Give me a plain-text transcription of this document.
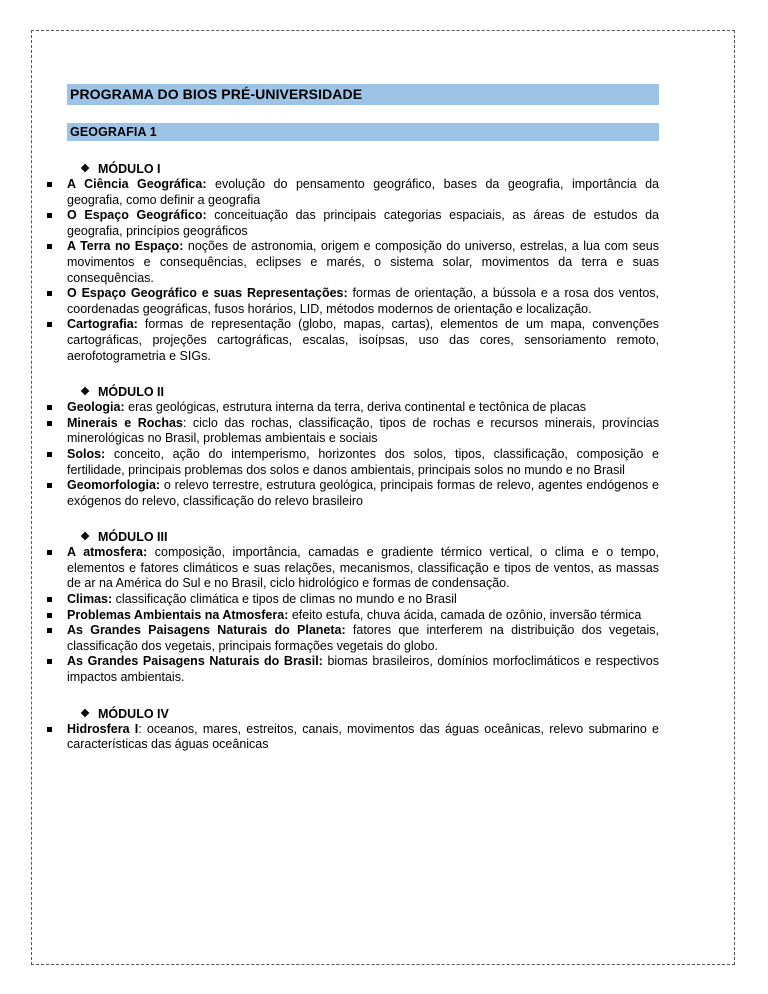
PROGRAMA DO BIOS PRÉ-UNIVERSIDADE
GEOGRAFIA 1
❖ MÓDULO I
A Ciência Geográfica: evolução do pensamento geográfico, bases da geografia, importância da geografia, como definir a geografia
O Espaço Geográfico: conceituação das principais categorias espaciais, as áreas de estudos da geografia, princípios geográficos
A Terra no Espaço: noções de astronomia, origem e composição do universo, estrelas, a lua com seus movimentos e consequências, eclipses e marés, o sistema solar, movimentos da terra e suas consequências.
O Espaço Geográfico e suas Representações: formas de orientação, a bússola e a rosa dos ventos, coordenadas geográficas, fusos horários, LID, métodos modernos de orientação e localização.
Cartografia: formas de representação (globo, mapas, cartas), elementos de um mapa, convenções cartográficas, projeções cartográficas, escalas, isoípsas, uso das cores, sensoriamento remoto, aerofotogrametria e SIGs.
❖ MÓDULO II
Geologia: eras geológicas, estrutura interna da terra, deriva continental e tectônica de placas
Minerais e Rochas: ciclo das rochas, classificação, tipos de rochas e recursos minerais, províncias minerológicas no Brasil, problemas ambientais e sociais
Solos: conceito, ação do intemperismo, horizontes dos solos, tipos, classificação, composição e fertilidade, principais problemas dos solos e danos ambientais, principais solos no mundo e no Brasil
Geomorfologia: o relevo terrestre, estrutura geológica, principais formas de relevo, agentes endógenos e exógenos do relevo, classificação do relevo brasileiro
❖ MÓDULO III
A atmosfera: composição, importância, camadas e gradiente térmico vertical, o clima e o tempo, elementos e fatores climáticos e suas relações, mecanismos, classificação e tipos de ventos, as massas de ar na América do Sul e no Brasil, ciclo hidrológico e formas de condensação.
Climas: classificação climática e tipos de climas no mundo e no Brasil
Problemas Ambientais na Atmosfera: efeito estufa, chuva ácida, camada de ozônio, inversão térmica
As Grandes Paisagens Naturais do Planeta: fatores que interferem na distribuição dos vegetais, classificação dos vegetais, principais formações vegetais do globo.
As Grandes Paisagens Naturais do Brasil: biomas brasileiros, domínios morfoclimáticos e respectivos impactos ambientais.
❖ MÓDULO IV
Hidrosfera I: oceanos, mares, estreitos, canais, movimentos das águas oceânicas, relevo submarino e características das águas oceânicas
